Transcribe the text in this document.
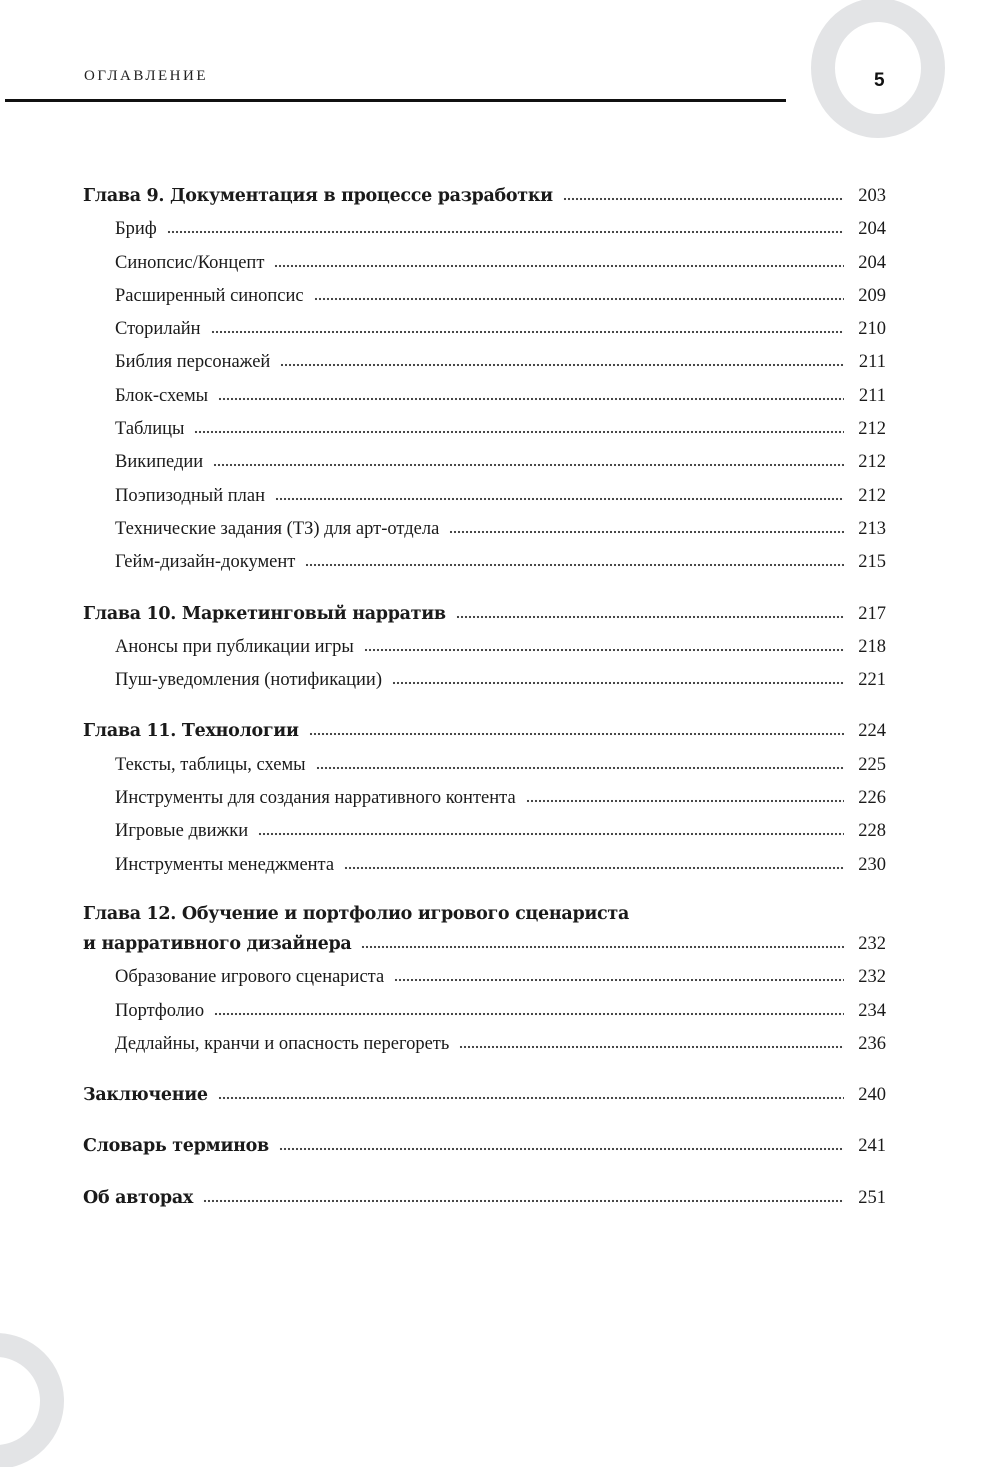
ОГЛАВЛЕНИЕ	5
Глава 9. Документация в процессе разработки	203
Бриф	204
Синопсис/Концепт	204
Расширенный синопсис	209
Сторилайн	210
Библия персонажей	211
Блок-схемы	211
Таблицы	212
Википедии	212
Поэпизодный план	212
Технические задания (ТЗ) для арт-отдела	213
Гейм-дизайн-документ	215
Глава 10. Маркетинговый нарратив	217
Анонсы при публикации игры	218
Пуш-уведомления (нотификации)	221
Глава 11. Технологии	224
Тексты, таблицы, схемы	225
Инструменты для создания нарративного контента	226
Игровые движки	228
Инструменты менеджмента	230
Глава 12. Обучение и портфолио игрового сценариста
и нарративного дизайнера	232
Образование игрового сценариста	232
Портфолио	234
Дедлайны, кранчи и опасность перегореть	236
Заключение	240
Словарь терминов	241
Об авторах	251
